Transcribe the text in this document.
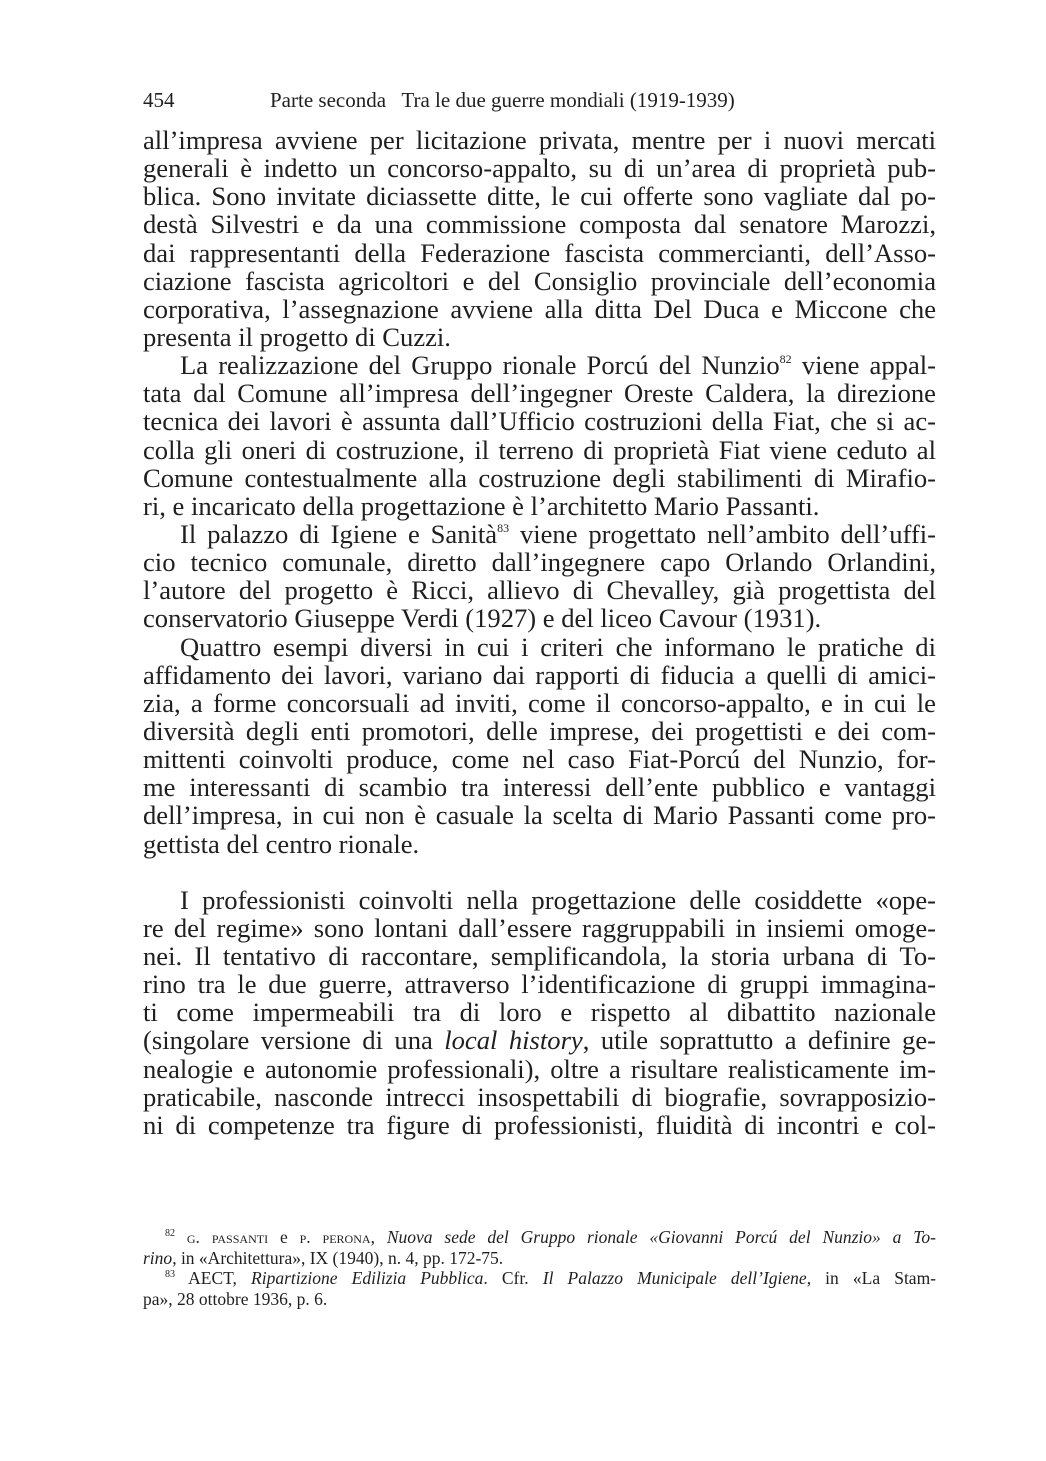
454	Parte seconda   Tra le due guerre mondiali (1919-1939)
all’impresa avviene per licitazione privata, mentre per i nuovi mercati
generali è indetto un concorso-appalto, su di un’area di proprietà pub-
blica. Sono invitate diciassette ditte, le cui offerte sono vagliate dal po-
destà Silvestri e da una commissione composta dal senatore Marozzi,
dai rappresentanti della Federazione fascista commercianti, dell’Asso-
ciazione fascista agricoltori e del Consiglio provinciale dell’economia
corporativa, l’assegnazione avviene alla ditta Del Duca e Miccone che
presenta il progetto di Cuzzi.
La realizzazione del Gruppo rionale Porcú del Nunzio$^{82}$ viene appal-
tata dal Comune all’impresa dell’ingegner Oreste Caldera, la direzione
tecnica dei lavori è assunta dall’Ufficio costruzioni della Fiat, che si ac-
colla gli oneri di costruzione, il terreno di proprietà Fiat viene ceduto al
Comune contestualmente alla costruzione degli stabilimenti di Mirafio-
ri, e incaricato della progettazione è l’architetto Mario Passanti.
Il palazzo di Igiene e Sanità$^{83}$ viene progettato nell’ambito dell’uffi-
cio tecnico comunale, diretto dall’ingegnere capo Orlando Orlandini,
l’autore del progetto è Ricci, allievo di Chevalley, già progettista del
conservatorio Giuseppe Verdi (1927) e del liceo Cavour (1931).
Quattro esempi diversi in cui i criteri che informano le pratiche di
affidamento dei lavori, variano dai rapporti di fiducia a quelli di amici-
zia, a forme concorsuali ad inviti, come il concorso-appalto, e in cui le
diversità degli enti promotori, delle imprese, dei progettisti e dei com-
mittenti coinvolti produce, come nel caso Fiat-Porcú del Nunzio, for-
me interessanti di scambio tra interessi dell’ente pubblico e vantaggi
dell’impresa, in cui non è casuale la scelta di Mario Passanti come pro-
gettista del centro rionale.
I professionisti coinvolti nella progettazione delle cosiddette «ope-
re del regime» sono lontani dall’essere raggruppabili in insiemi omoge-
nei. Il tentativo di raccontare, semplificandola, la storia urbana di To-
rino tra le due guerre, attraverso l’identificazione di gruppi immagina-
ti come impermeabili tra di loro e rispetto al dibattito nazionale
(singolare versione di una local history, utile soprattutto a definire ge-
nealogie e autonomie professionali), oltre a risultare realisticamente im-
praticabile, nasconde intrecci insospettabili di biografie, sovrapposizio-
ni di competenze tra figure di professionisti, fluidità di incontri e col-
$^{82}$ g. passanti e p. perona, Nuova sede del Gruppo rionale «Giovanni Porcú del Nunzio» a To-
rino, in «Architettura», IX (1940), n. 4, pp. 172-75.
$^{83}$ AECT, Ripartizione Edilizia Pubblica. Cfr. Il Palazzo Municipale dell’Igiene, in «La Stam-
pa», 28 ottobre 1936, p. 6.
